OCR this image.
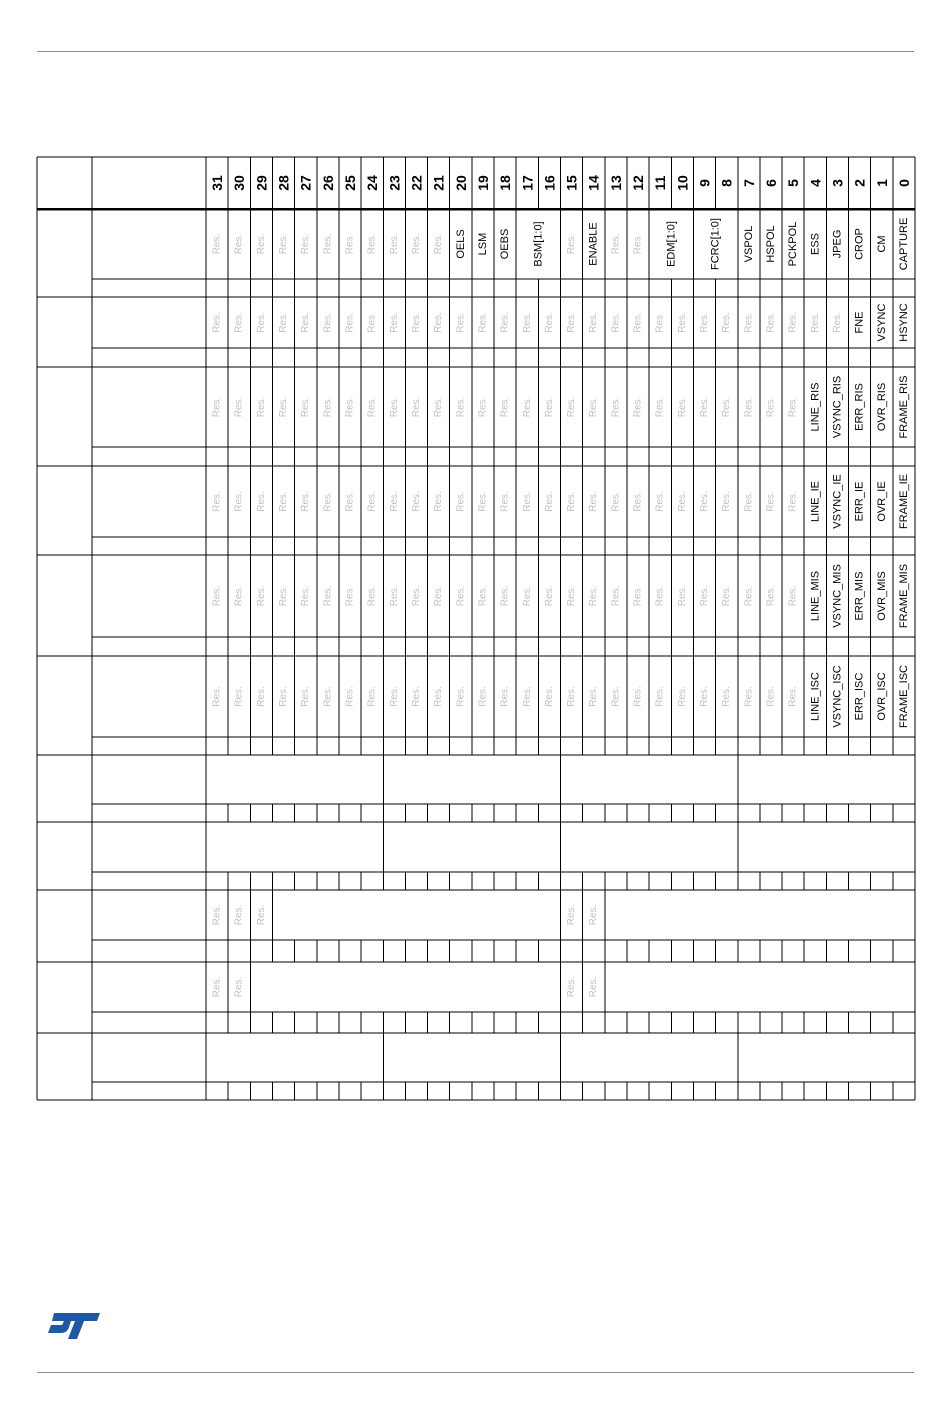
31 30 29 28 27 26 25 24 23 22 21 20 19 18 17 16 15 14 13 12 11 10 9 8 7 6 5 4 3 2 1 0
Res. Res. Res. Res. Res. Res. Res. Res. Res. Res. Res. OELS LSM OEBS BSM[1:0] Res. ENABLE Res. Res. EDM[1:0]	FCRC[1:0] VSPOL HSPOL PCKPOL ESS JPEG CROP CM CAPTURE
Res. Res. Res. Res. Res. Res. Res. Res. Res. Res. Res. Res. Res. Res. Res. Res. Res. Res. Res. Res. Res. Res. Res. Res. Res. Res. Res. Res. Res. FNE VSYNC HSYNC
Res. Res. Res. Res. Res. Res. Res. Res. Res. Res. Res. Res. Res. Res. Res. Res. Res. Res. Res. Res. Res. Res. Res. Res. Res. Res. Res. LINE_RIS VSYNC_RIS ERR_RIS OVR_RIS FRAME_RIS
Res. Res. Res. Res. Res. Res. Res. Res. Res. Res. Res. Res. Res. Res. Res. Res. Res. Res. Res. Res. Res. Res. Res. Res. Res. Res. Res. LINE_IE VSYNC_IE ERR_IE OVR_IE FRAME_IE
Res. Res. Res. Res. Res. Res. Res. Res. Res. Res. Res. Res. Res. Res. Res. Res. Res. Res. Res. Res. Res. Res. Res. Res. Res. Res. Res. LINE_MIS VSYNC_MIS ERR_MIS OVR_MIS FRAME_MIS
Res. Res. Res. Res. Res. Res. Res. Res. Res. Res. Res. Res. Res. Res. Res. Res. Res. Res. Res. Res. Res. Res. Res. Res. Res. Res. Res. LINE_ISC VSYNC_ISC ERR_ISC OVR_ISC FRAME_ISC
Res. Res. Res.	Res. Res.
Res. Res.	Res. Res.
